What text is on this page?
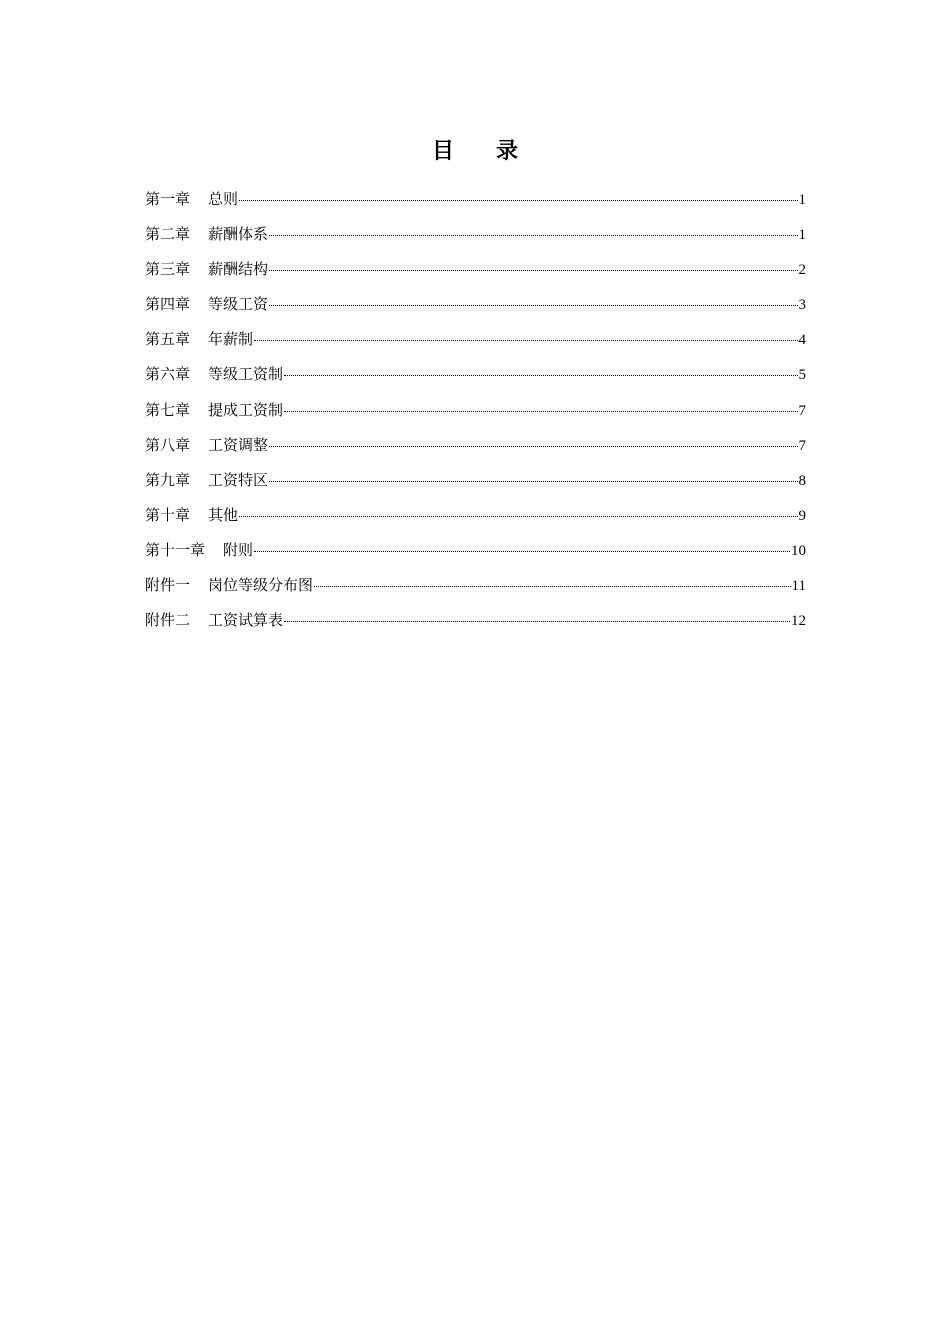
目 录
第一章 总则	1
第二章 薪酬体系	1
第三章 薪酬结构	2
第四章 等级工资	3
第五章 年薪制	4
第六章 等级工资制	5
第七章 提成工资制	7
第八章 工资调整	7
第九章 工资特区	8
第十章 其他	9
第十一章 附则	10
附件一 岗位等级分布图	11
附件二 工资试算表	12
